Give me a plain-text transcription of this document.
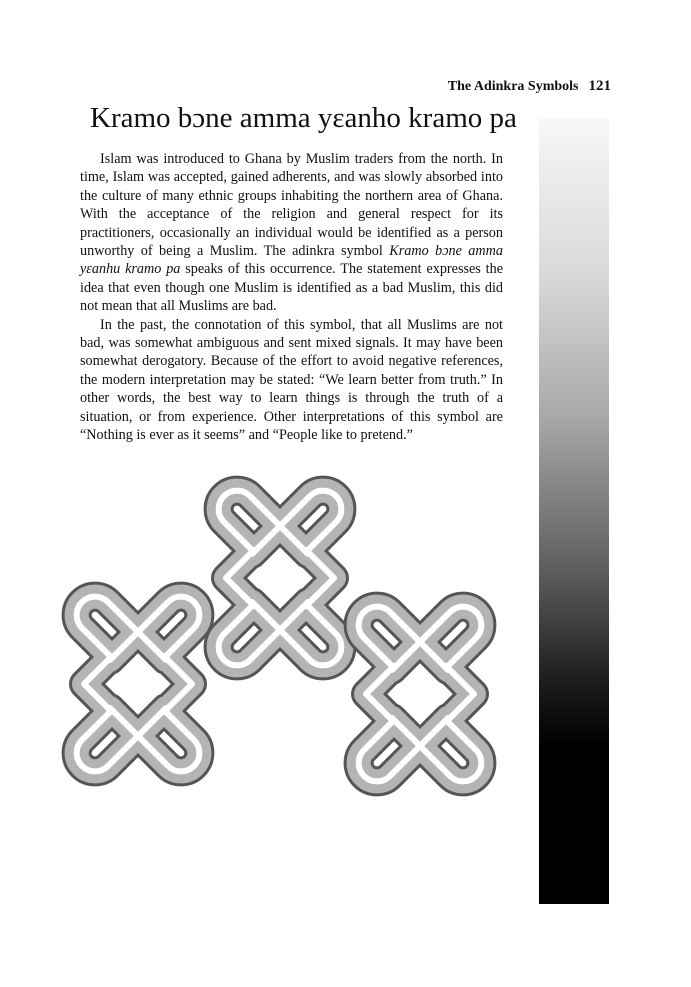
The Adinkra Symbols 121
Kramo bɔne amma yɛanho kramo pa

Islam was introduced to Ghana by Muslim traders from the north. In time, Islam was accepted, gained adherents, and was slowly absorbed into the culture of many ethnic groups inhabiting the northern area of Ghana. With the acceptance of the religion and general respect for its practitioners, occasionally an individual would be identified as a person unworthy of being a Muslim. The adinkra symbol Kramo bɔne amma yɛanhu kramo pa speaks of this occurrence. The statement expresses the idea that even though one Muslim is identified as a bad Muslim, this did not mean that all Muslims are bad.

In the past, the connotation of this symbol, that all Muslims are not bad, was somewhat ambiguous and sent mixed signals. It may have been somewhat derogatory. Because of the effort to avoid negative references, the modern interpretation may be stated: “We learn better from truth.” In other words, the best way to learn things is through the truth of a situation, or from experience. Other interpretations of this symbol are “Nothing is ever as it seems” and “People like to pretend.”
